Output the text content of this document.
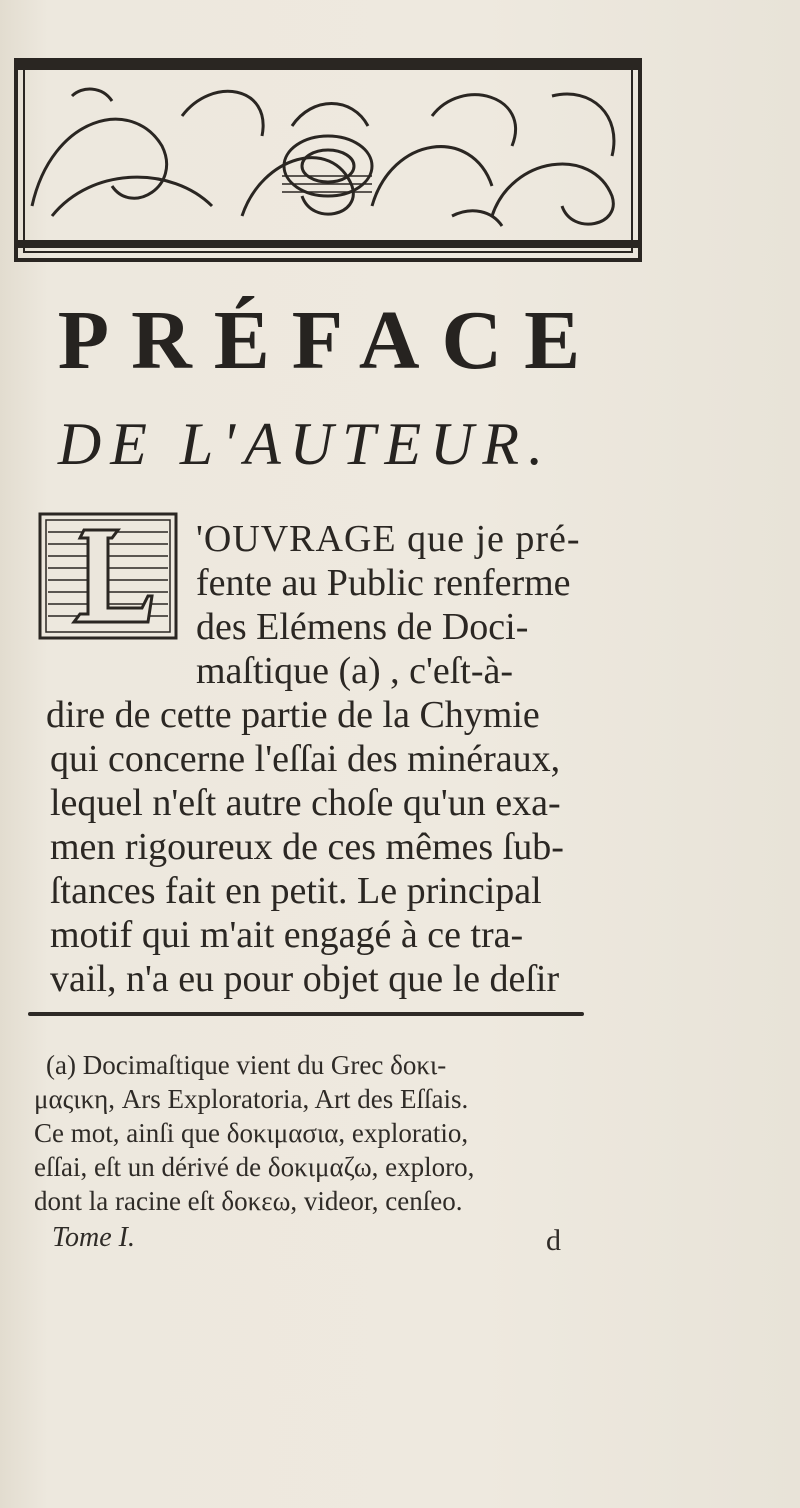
PRÉFACE
DE L'AUTEUR.
'OUVRAGE que je pré-
fente au Public renferme
des Elémens de Doci-
maſtique (a) , c'eſt-à-
dire de cette partie de la Chymie
qui concerne l'eſſai des minéraux,
lequel n'eſt autre choſe qu'un exa-
men rigoureux de ces mêmes ſub-
ſtances fait en petit. Le principal
motif qui m'ait engagé à ce tra-
vail, n'a eu pour objet que le deſir
(a) Docimaſtique vient du Grec δοκι-
μαςικη, Ars Exploratoria, Art des Eſſais.
Ce mot, ainſi que δοκιμασια, exploratio,
eſſai, eſt un dérivé de δοκιμαζω, exploro,
dont la racine eſt δοκεω, videor, cenſeo.
Tome I.	d
